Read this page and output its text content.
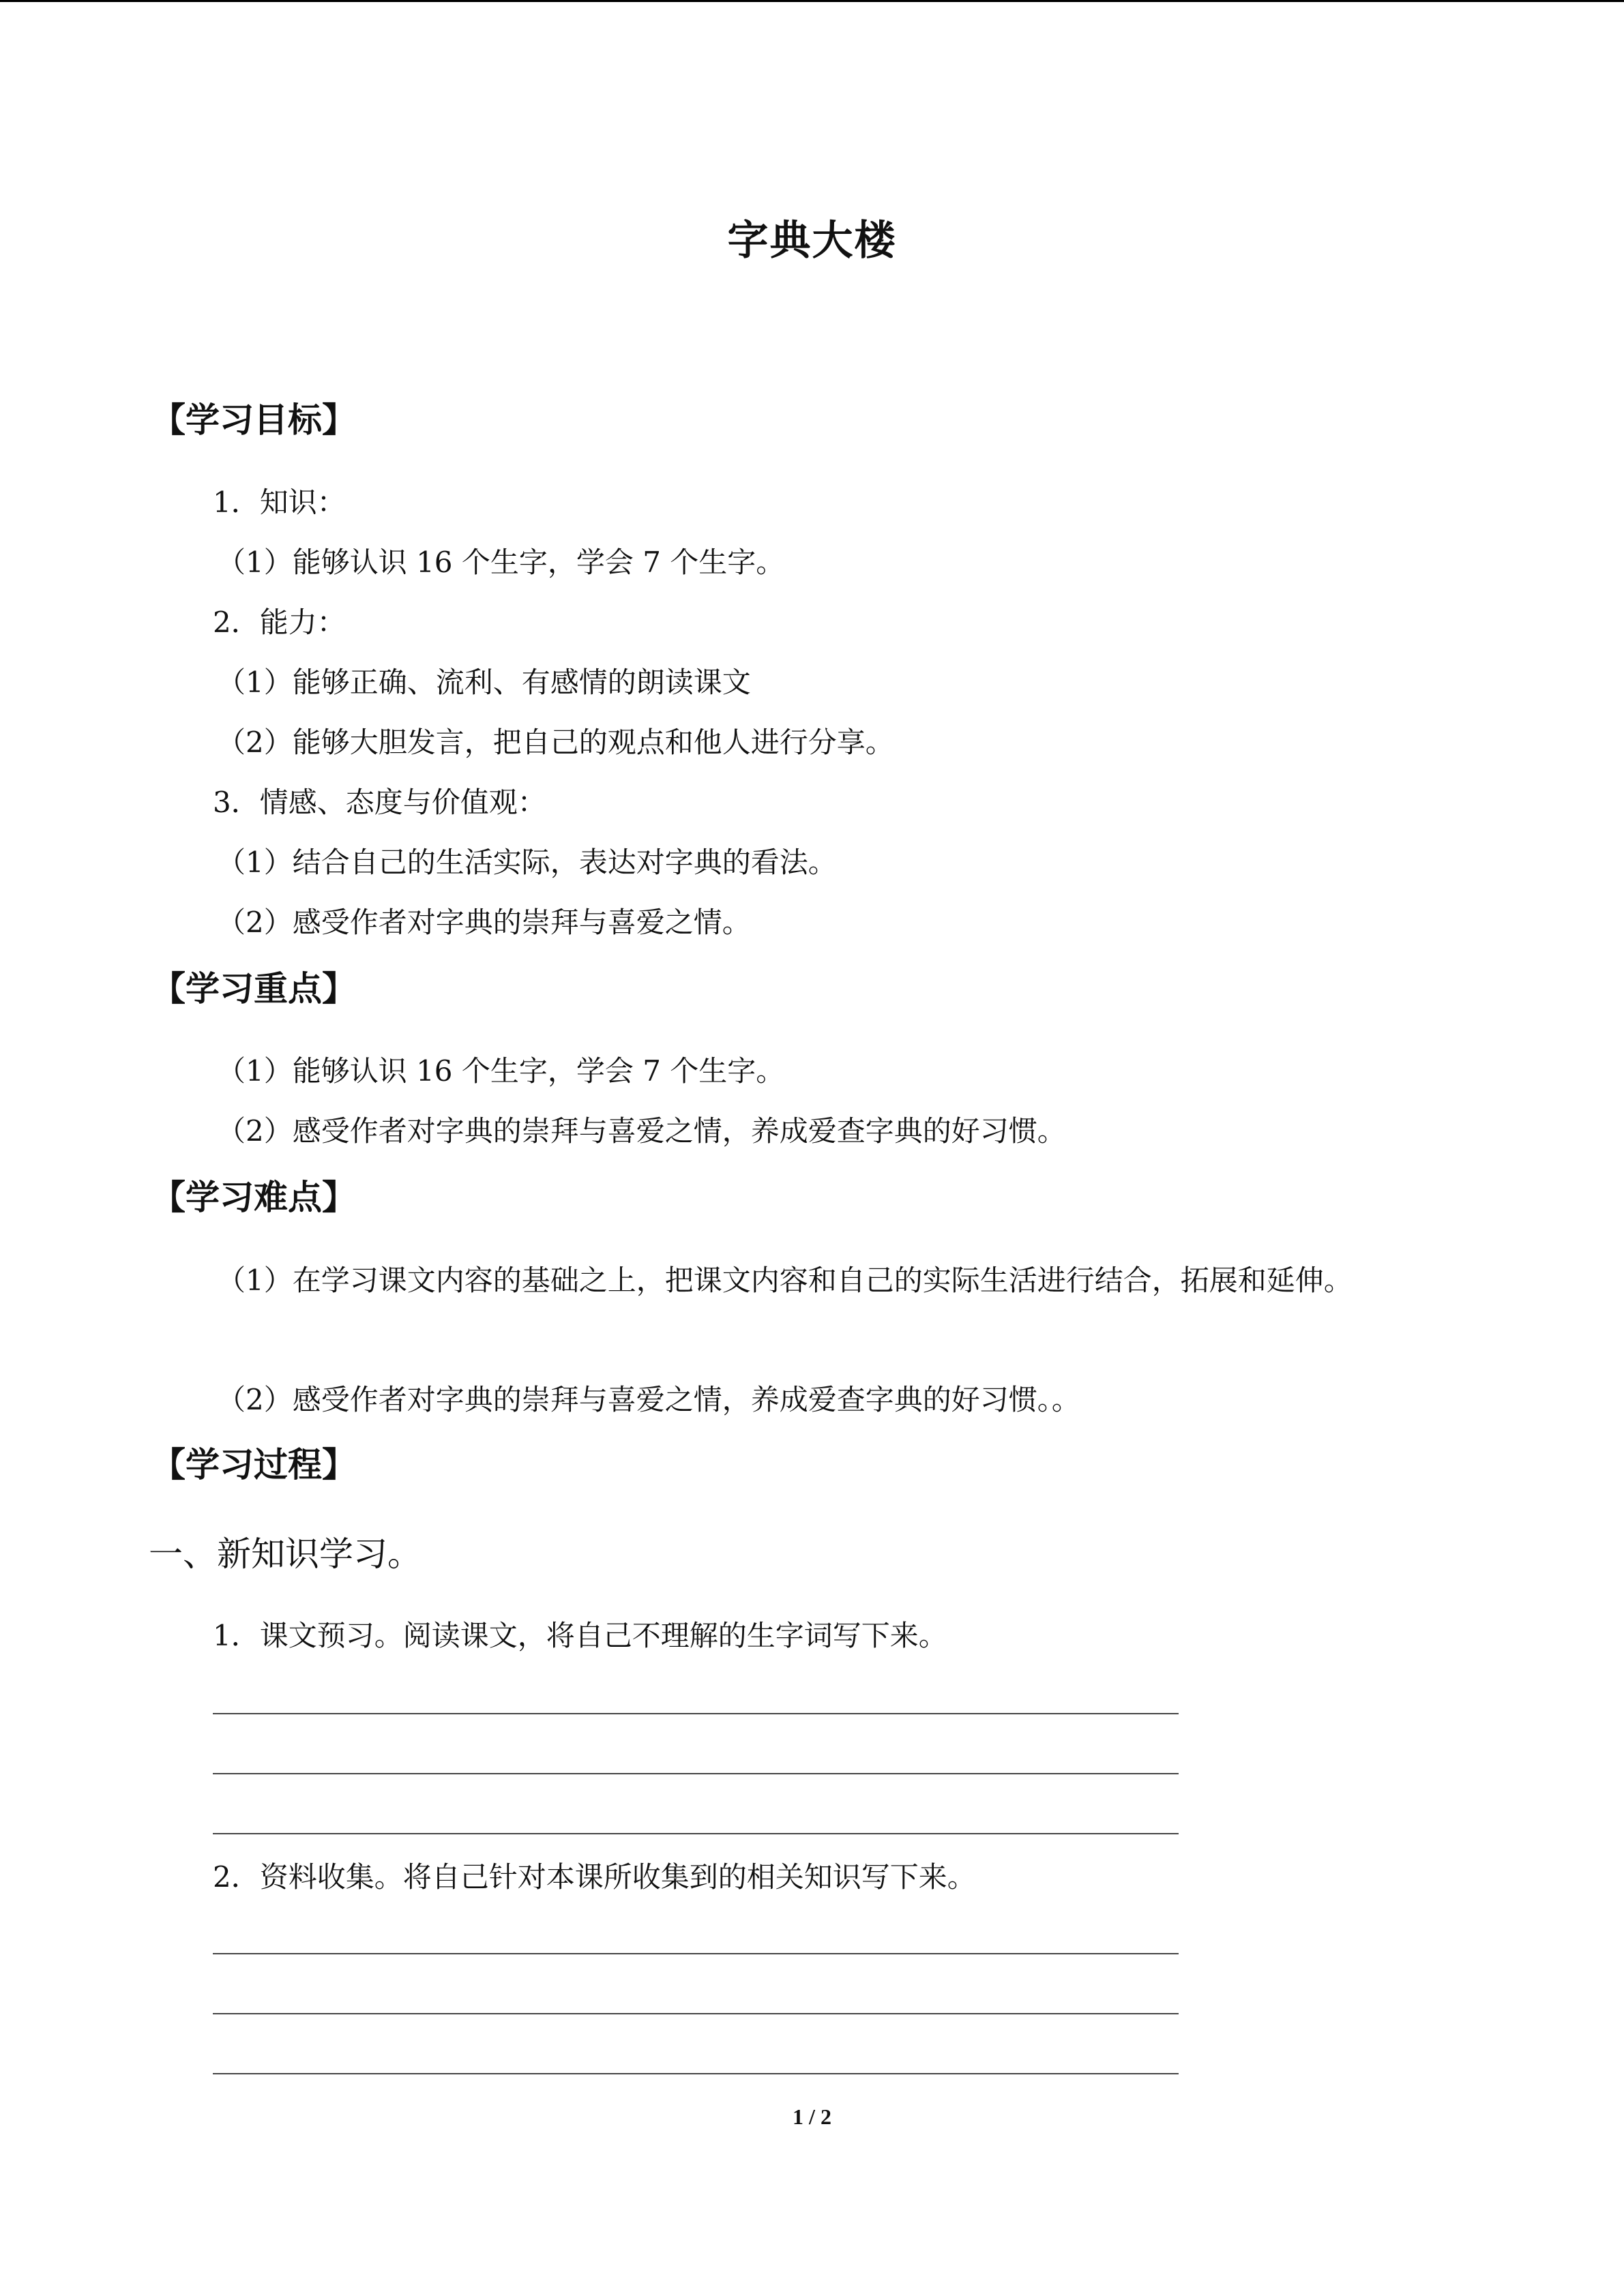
字典大楼
【学习目标】
1．知识：
（1）能够认识 16 个生字，学会 7 个生字。
2．能力：
（1）能够正确、流利、有感情的朗读课文
（2）能够大胆发言，把自己的观点和他人进行分享。
3．情感、态度与价值观：
（1）结合自己的生活实际，表达对字典的看法。
（2）感受作者对字典的崇拜与喜爱之情。
【学习重点】
（1）能够认识 16 个生字，学会 7 个生字。
（2）感受作者对字典的崇拜与喜爱之情，养成爱查字典的好习惯。
【学习难点】
（1）在学习课文内容的基础之上，把课文内容和自己的实际生活进行结合，拓展和延伸。
（2）感受作者对字典的崇拜与喜爱之情，养成爱查字典的好习惯。。
【学习过程】
一、新知识学习。
1．课文预习。阅读课文，将自己不理解的生字词写下来。
2．资料收集。将自己针对本课所收集到的相关知识写下来。
1 / 2
